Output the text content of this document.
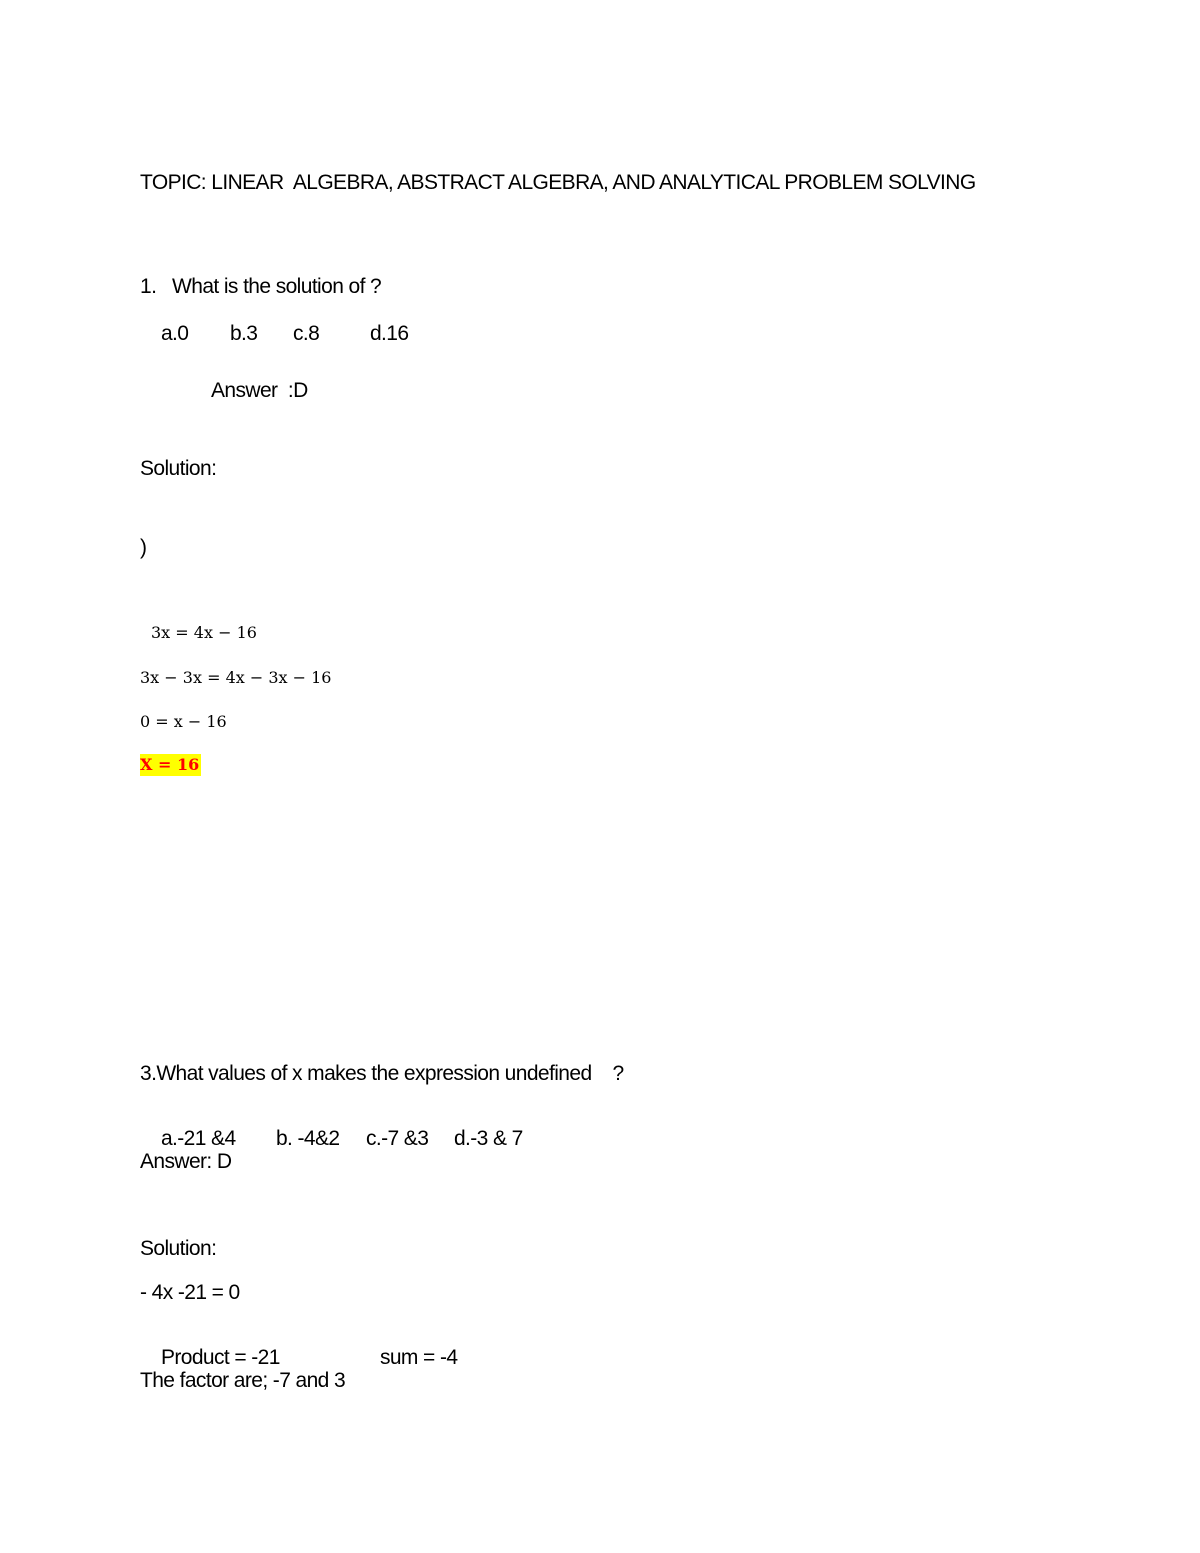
TOPIC: LINEAR  ALGEBRA, ABSTRACT ALGEBRA, AND ANALYTICAL PROBLEM SOLVING
1.   What is the solution of ?

a.0 b.3 c.8 d.16

Answer  :D
Solution:
)
3x = 4x − 16
3x − 3x = 4x − 3x − 16
0 = x − 16
X = 16
3.What values of x makes the expression undefined    ?

a.-21 &4 b. -4&2 c.-7 &3 d.-3 & 7

Answer: D
Solution:
- 4x -21 = 0

Product = -21	sum = -4

The factor are; -7 and 3
